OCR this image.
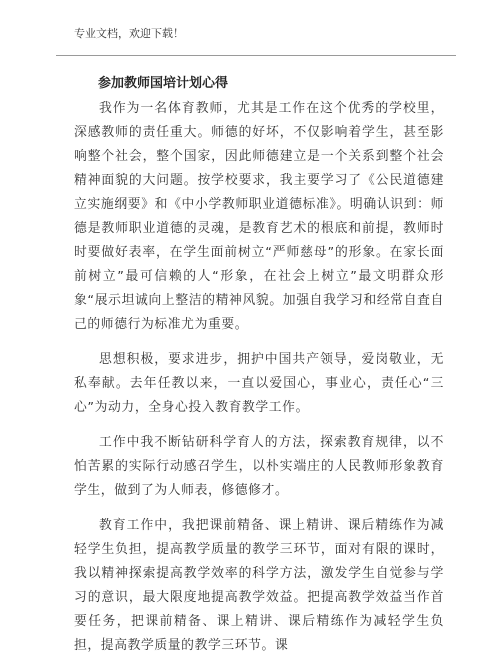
专业文档，欢迎下载！
参加教师国培计划心得

我作为一名体育教师，尤其是工作在这个优秀的学校里，深感教师的责任重大。师德的好坏，不仅影响着学生，甚至影响整个社会，整个国家，因此师德建立是一个关系到整个社会精神面貌的大问题。按学校要求，我主要学习了《公民道德建立实施纲要》和《中小学教师职业道德标准》。明确认识到：师德是教师职业道德的灵魂，是教育艺术的根底和前提，教师时时要做好表率，在学生面前树立“严师慈母”的形象。在家长面前树立”最可信赖的人“形象，在社会上树立”最文明群众形象“展示坦诚向上整洁的精神风貌。加强自我学习和经常自査自己的师德行为标准尤为重要。

思想积极，要求进步，拥护中国共产领导，爱岗敬业，无私奉献。去年任教以来，一直以爱国心，事业心，责任心“三心”为动力，全身心投入教育教学工作。

工作中我不断钻研科学育人的方法，探索教育规律，以不怕苦累的实际行动感召学生，以朴实端庄的人民教师形象教育学生，做到了为人师表，修德修才。

教育工作中，我把课前精备、课上精讲、课后精练作为减轻学生负担，提高教学质量的教学三环节，面对有限的课时，我以精神探索提高教学效率的科学方法，激发学生自觉参与学习的意识，最大限度地提高教学效益。把提高教学效益当作首要任务，把课前精备、课上精讲、课后精练作为减轻学生负担，提高教学质量的教学三环节。课
